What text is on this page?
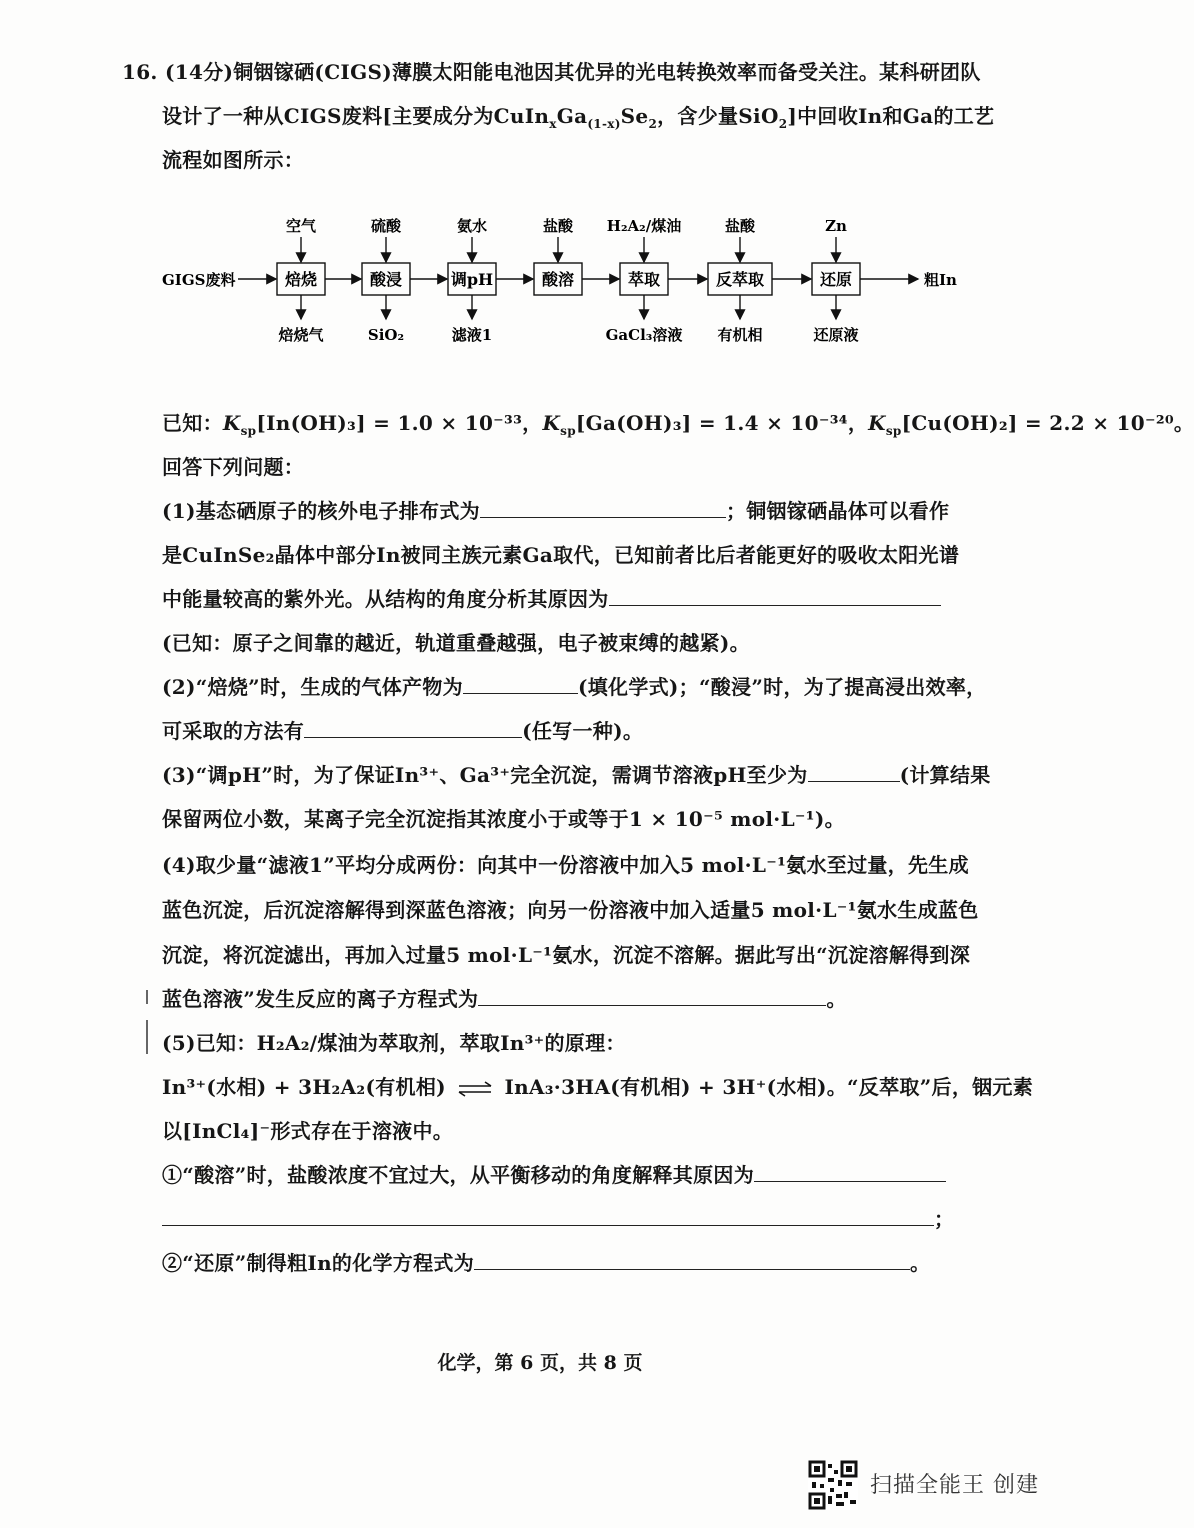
16. (14分)铜铟镓硒(CIGS)薄膜太阳能电池因其优异的光电转换效率而备受关注。某科研团队
设计了一种从CIGS废料[主要成分为$CuIn_xGa_{(1-x)}Se_2$，含少量SiO$_2$]中回收In和Ga的工艺
流程如图所示：
GIGS废料	焙烧
空气
焙烧气
酸浸
硫酸
SiO₂
调pH
氨水
滤液1
酸溶
盐酸
萃取
H₂A₂/煤油
GaCl₃溶液
反萃取
盐酸
有机相
还原
Zn
还原液
粗In
已知：$K_{sp}[In(OH)_3] = 1.0 \times 10^{-33}$，$K_{sp}[Ga(OH)_3] = 1.4 \times 10^{-34}$，$K_{sp}[Cu(OH)_2] = 2.2 \times 10^{-20}$。
回答下列问题：
(1)基态硒原子的核外电子排布式为	；铜铟镓硒晶体可以看作
是CuInSe₂晶体中部分In被同主族元素Ga取代，已知前者比后者能更好的吸收太阳光谱
中能量较高的紫外光。从结构的角度分析其原因为
(已知：原子之间靠的越近，轨道重叠越强，电子被束缚的越紧)。
(2)“焙烧”时，生成的气体产物为	(填化学式)；“酸浸”时，为了提高浸出效率，
可采取的方法有	(任写一种)。
(3)“调pH”时，为了保证In³⁺、Ga³⁺完全沉淀，需调节溶液pH至少为	(计算结果
保留两位小数，某离子完全沉淀指其浓度小于或等于1 × 10⁻⁵ mol·L⁻¹)。
(4)取少量“滤液1”平均分成两份：向其中一份溶液中加入5 mol·L⁻¹氨水至过量，先生成
蓝色沉淀，后沉淀溶解得到深蓝色溶液；向另一份溶液中加入适量5 mol·L⁻¹氨水生成蓝色
沉淀，将沉淀滤出，再加入过量5 mol·L⁻¹氨水，沉淀不溶解。据此写出“沉淀溶解得到深
蓝色溶液”发生反应的离子方程式为	。
(5)已知：H₂A₂/煤油为萃取剂，萃取In³⁺的原理：
In³⁺(水相) + 3H₂A₂(有机相) ⇌ InA₃·3HA(有机相) + 3H⁺(水相)。“反萃取”后，铟元素
以[InCl₄]⁻形式存在于溶液中。
①“酸溶”时，盐酸浓度不宜过大，从平衡移动的角度解释其原因为
；
②“还原”制得粗In的化学方程式为	。
化学，第 6 页，共 8 页
扫描全能王 创建
